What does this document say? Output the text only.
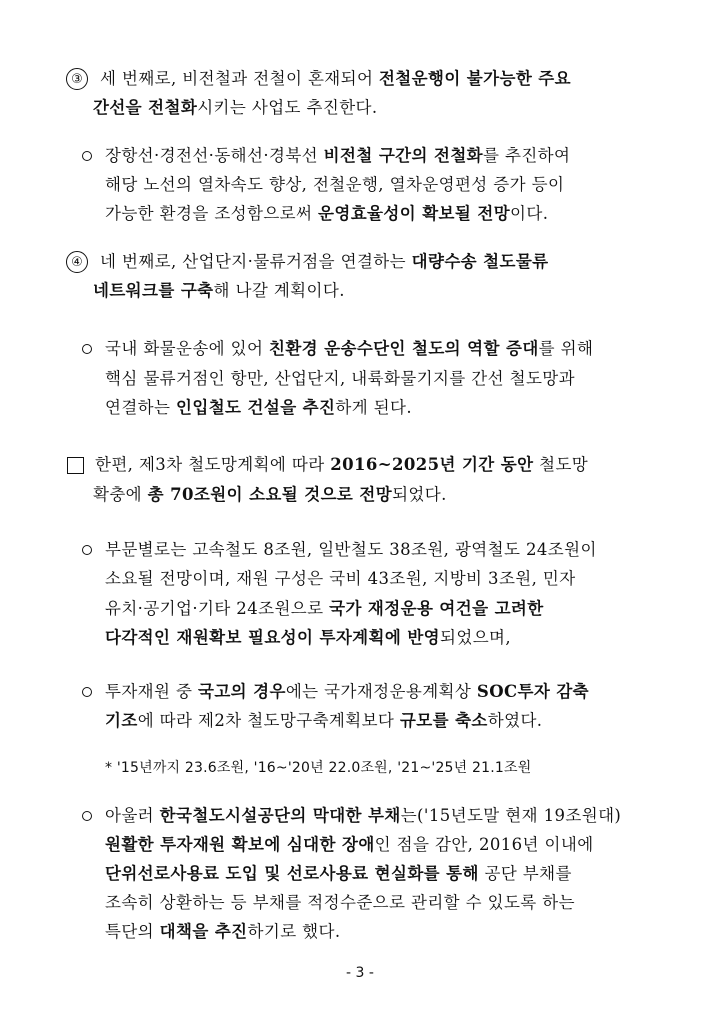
③	세 번째로, 비전철과 전철이 혼재되어 전철운행이 불가능한 주요
간선을 전철화시키는 사업도 추진한다.
장항선·경전선·동해선·경북선 비전철 구간의 전철화를 추진하여
해당 노선의 열차속도 향상, 전철운행, 열차운영편성 증가 등이
가능한 환경을 조성함으로써 운영효율성이 확보될 전망이다.
④	네 번째로, 산업단지·물류거점을 연결하는 대량수송 철도물류
네트워크를 구축해 나갈 계획이다.
국내 화물운송에 있어 친환경 운송수단인 철도의 역할 증대를 위해
핵심 물류거점인 항만, 산업단지, 내륙화물기지를 간선 철도망과
연결하는 인입철도 건설을 추진하게 된다.
한편, 제3차 철도망계획에 따라 2016~2025년 기간 동안 철도망
확충에 총 70조원이 소요될 것으로 전망되었다.
부문별로는 고속철도 8조원, 일반철도 38조원, 광역철도 24조원이
소요될 전망이며, 재원 구성은 국비 43조원, 지방비 3조원, 민자
유치·공기업·기타 24조원으로 국가 재정운용 여건을 고려한
다각적인 재원확보 필요성이 투자계획에 반영되었으며,
투자재원 중 국고의 경우에는 국가재정운용계획상 SOC투자 감축
기조에 따라 제2차 철도망구축계획보다 규모를 축소하였다.
* '15년까지 23.6조원, '16~'20년 22.0조원, '21~'25년 21.1조원
아울러 한국철도시설공단의 막대한 부채는('15년도말 현재 19조원대)
원활한 투자재원 확보에 심대한 장애인 점을 감안, 2016년 이내에
단위선로사용료 도입 및 선로사용료 현실화를 통해 공단 부채를
조속히 상환하는 등 부채를 적정수준으로 관리할 수 있도록 하는
특단의 대책을 추진하기로 했다.
- 3 -
